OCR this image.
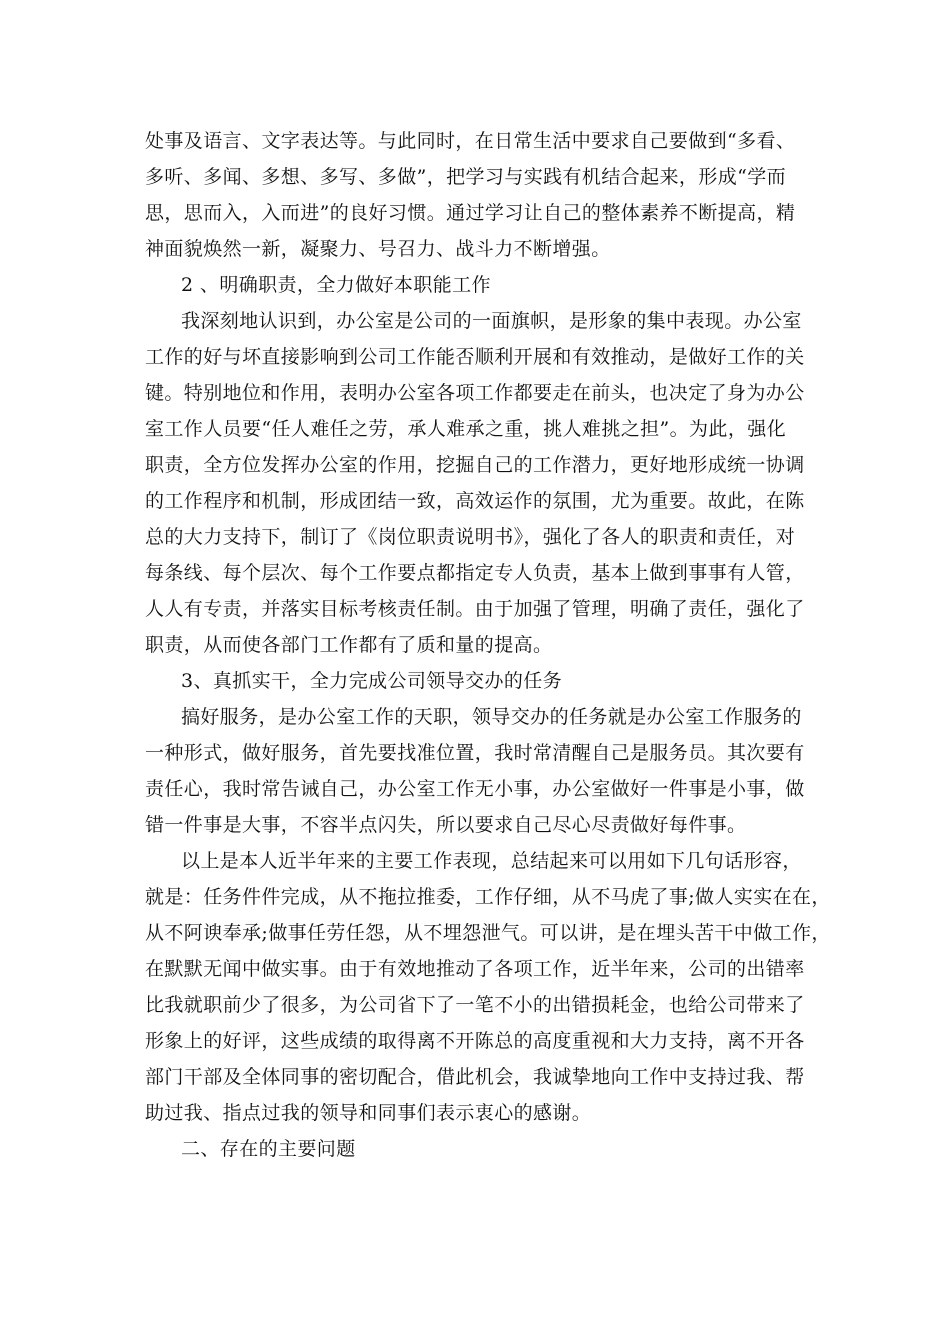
处事及语言、文字表达等。与此同时，在日常生活中要求自己要做到“多看、
多听、多闻、多想、多写、多做”，把学习与实践有机结合起来，形成“学而
思，思而入，入而进”的良好习惯。通过学习让自己的整体素养不断提高，精
神面貌焕然一新，凝聚力、号召力、战斗力不断增强。
2 、明确职责，全力做好本职能工作
我深刻地认识到，办公室是公司的一面旗帜，是形象的集中表现。办公室
工作的好与坏直接影响到公司工作能否顺利开展和有效推动，是做好工作的关
键。特别地位和作用，表明办公室各项工作都要走在前头，也决定了身为办公
室工作人员要“任人难任之劳，承人难承之重，挑人难挑之担”。为此，强化
职责，全方位发挥办公室的作用，挖掘自己的工作潜力，更好地形成统一协调
的工作程序和机制，形成团结一致，高效运作的氛围，尤为重要。故此，在陈
总的大力支持下，制订了《岗位职责说明书》，强化了各人的职责和责任，对
每条线、每个层次、每个工作要点都指定专人负责，基本上做到事事有人管，
人人有专责，并落实目标考核责任制。由于加强了管理，明确了责任，强化了
职责，从而使各部门工作都有了质和量的提高。
3、真抓实干，全力完成公司领导交办的任务
搞好服务，是办公室工作的天职，领导交办的任务就是办公室工作服务的
一种形式，做好服务，首先要找准位置，我时常清醒自己是服务员。其次要有
责任心，我时常告诫自己，办公室工作无小事，办公室做好一件事是小事，做
错一件事是大事，不容半点闪失，所以要求自己尽心尽责做好每件事。
以上是本人近半年来的主要工作表现，总结起来可以用如下几句话形容，
就是：任务件件完成，从不拖拉推委，工作仔细，从不马虎了事;做人实实在在，
从不阿谀奉承;做事任劳任怨，从不埋怨泄气。可以讲，是在埋头苦干中做工作，
在默默无闻中做实事。由于有效地推动了各项工作，近半年来，公司的出错率
比我就职前少了很多，为公司省下了一笔不小的出错损耗金，也给公司带来了
形象上的好评，这些成绩的取得离不开陈总的高度重视和大力支持，离不开各
部门干部及全体同事的密切配合，借此机会，我诚挚地向工作中支持过我、帮
助过我、指点过我的领导和同事们表示衷心的感谢。
二、存在的主要问题
